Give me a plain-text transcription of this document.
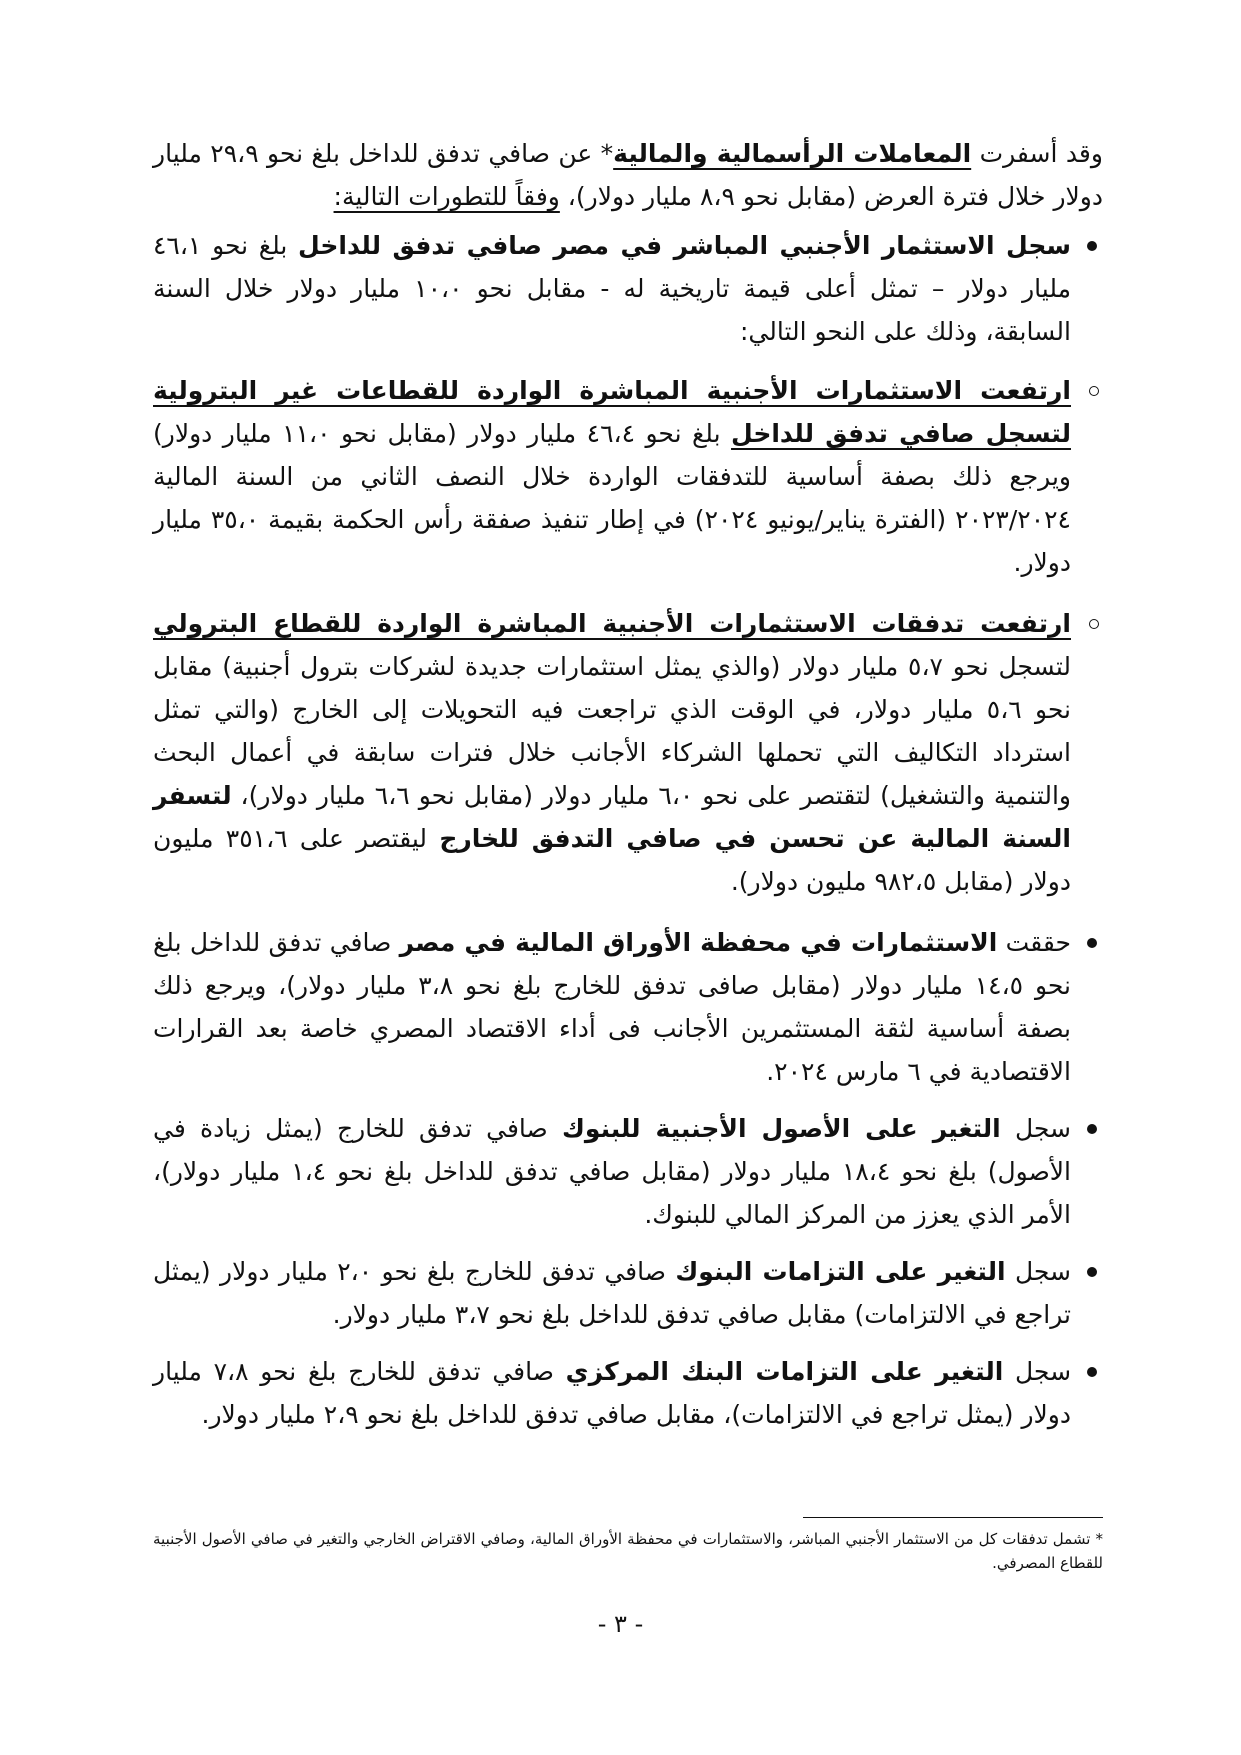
وقد أسفرت المعاملات الرأسمالية والمالية* عن صافي تدفق للداخل بلغ نحو ٢٩،٩ مليار دولار خلال فترة العرض (مقابل نحو ٨،٩ مليار دولار)، وفقاً للتطورات التالية:

سجل الاستثمار الأجنبي المباشر في مصر صافي تدفق للداخل بلغ نحو ٤٦،١ مليار دولار – تمثل أعلى قيمة تاريخية له - مقابل نحو ١٠،٠ مليار دولار خلال السنة السابقة، وذلك على النحو التالي:
ارتفعت الاستثمارات الأجنبية المباشرة الواردة للقطاعات غير البترولية لتسجل صافي تدفق للداخل بلغ نحو ٤٦،٤ مليار دولار (مقابل نحو ١١،٠ مليار دولار) ويرجع ذلك بصفة أساسية للتدفقات الواردة خلال النصف الثاني من السنة المالية ٢٠٢٣/٢٠٢٤ (الفترة يناير/يونيو ٢٠٢٤) في إطار تنفيذ صفقة رأس الحكمة بقيمة ٣٥،٠ مليار دولار.
ارتفعت تدفقات الاستثمارات الأجنبية المباشرة الواردة للقطاع البترولي لتسجل نحو ٥،٧ مليار دولار (والذي يمثل استثمارات جديدة لشركات بترول أجنبية) مقابل نحو ٥،٦ مليار دولار، في الوقت الذي تراجعت فيه التحويلات إلى الخارج (والتي تمثل استرداد التكاليف التي تحملها الشركاء الأجانب خلال فترات سابقة في أعمال البحث والتنمية والتشغيل) لتقتصر على نحو ٦،٠ مليار دولار (مقابل نحو ٦،٦ مليار دولار)، لتسفر السنة المالية عن تحسن في صافي التدفق للخارج ليقتصر على ٣٥١،٦ مليون دولار (مقابل ٩٨٢،٥ مليون دولار).
حققت الاستثمارات في محفظة الأوراق المالية في مصر صافي تدفق للداخل بلغ نحو ١٤،٥ مليار دولار (مقابل صافى تدفق للخارج بلغ نحو ٣،٨ مليار دولار)، ويرجع ذلك بصفة أساسية لثقة المستثمرين الأجانب فى أداء الاقتصاد المصري خاصة بعد القرارات الاقتصادية في ٦ مارس ٢٠٢٤.
سجل التغير على الأصول الأجنبية للبنوك صافي تدفق للخارج (يمثل زيادة في الأصول) بلغ نحو ١٨،٤ مليار دولار (مقابل صافي تدفق للداخل بلغ نحو ١،٤ مليار دولار)، الأمر الذي يعزز من المركز المالي للبنوك.
سجل التغير على التزامات البنوك صافي تدفق للخارج بلغ نحو ٢،٠ مليار دولار (يمثل تراجع في الالتزامات) مقابل صافي تدفق للداخل بلغ نحو ٣،٧ مليار دولار.
سجل التغير على التزامات البنك المركزي صافي تدفق للخارج بلغ نحو ٧،٨ مليار دولار (يمثل تراجع في الالتزامات)، مقابل صافي تدفق للداخل بلغ نحو ٢،٩ مليار دولار.
* تشمل تدفقات كل من الاستثمار الأجنبي المباشر، والاستثمارات في محفظة الأوراق المالية، وصافي الاقتراض الخارجي والتغير في صافي الأصول الأجنبية للقطاع المصرفي.
- ٣ -
